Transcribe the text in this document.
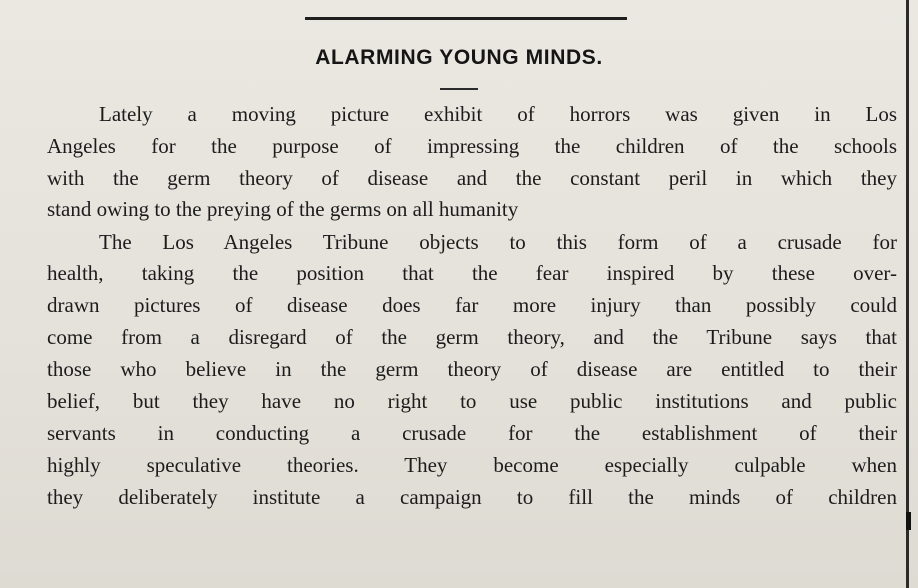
ALARMING YOUNG MINDS.
Lately a moving picture exhibit of horrors was given in Los
Angeles for the purpose of impressing the children of the schools
with the germ theory of disease and the constant peril in which they
stand owing to the preying of the germs on all humanity
The Los Angeles Tribune objects to this form of a crusade for
health, taking the position that the fear inspired by these over-
drawn pictures of disease does far more injury than possibly could
come from a disregard of the germ theory, and the Tribune says that
those who believe in the germ theory of disease are entitled to their
belief, but they have no right to use public institutions and public
servants in conducting a crusade for the establishment of their
highly speculative theories. They become especially culpable when
they deliberately institute a campaign to fill the minds of children
